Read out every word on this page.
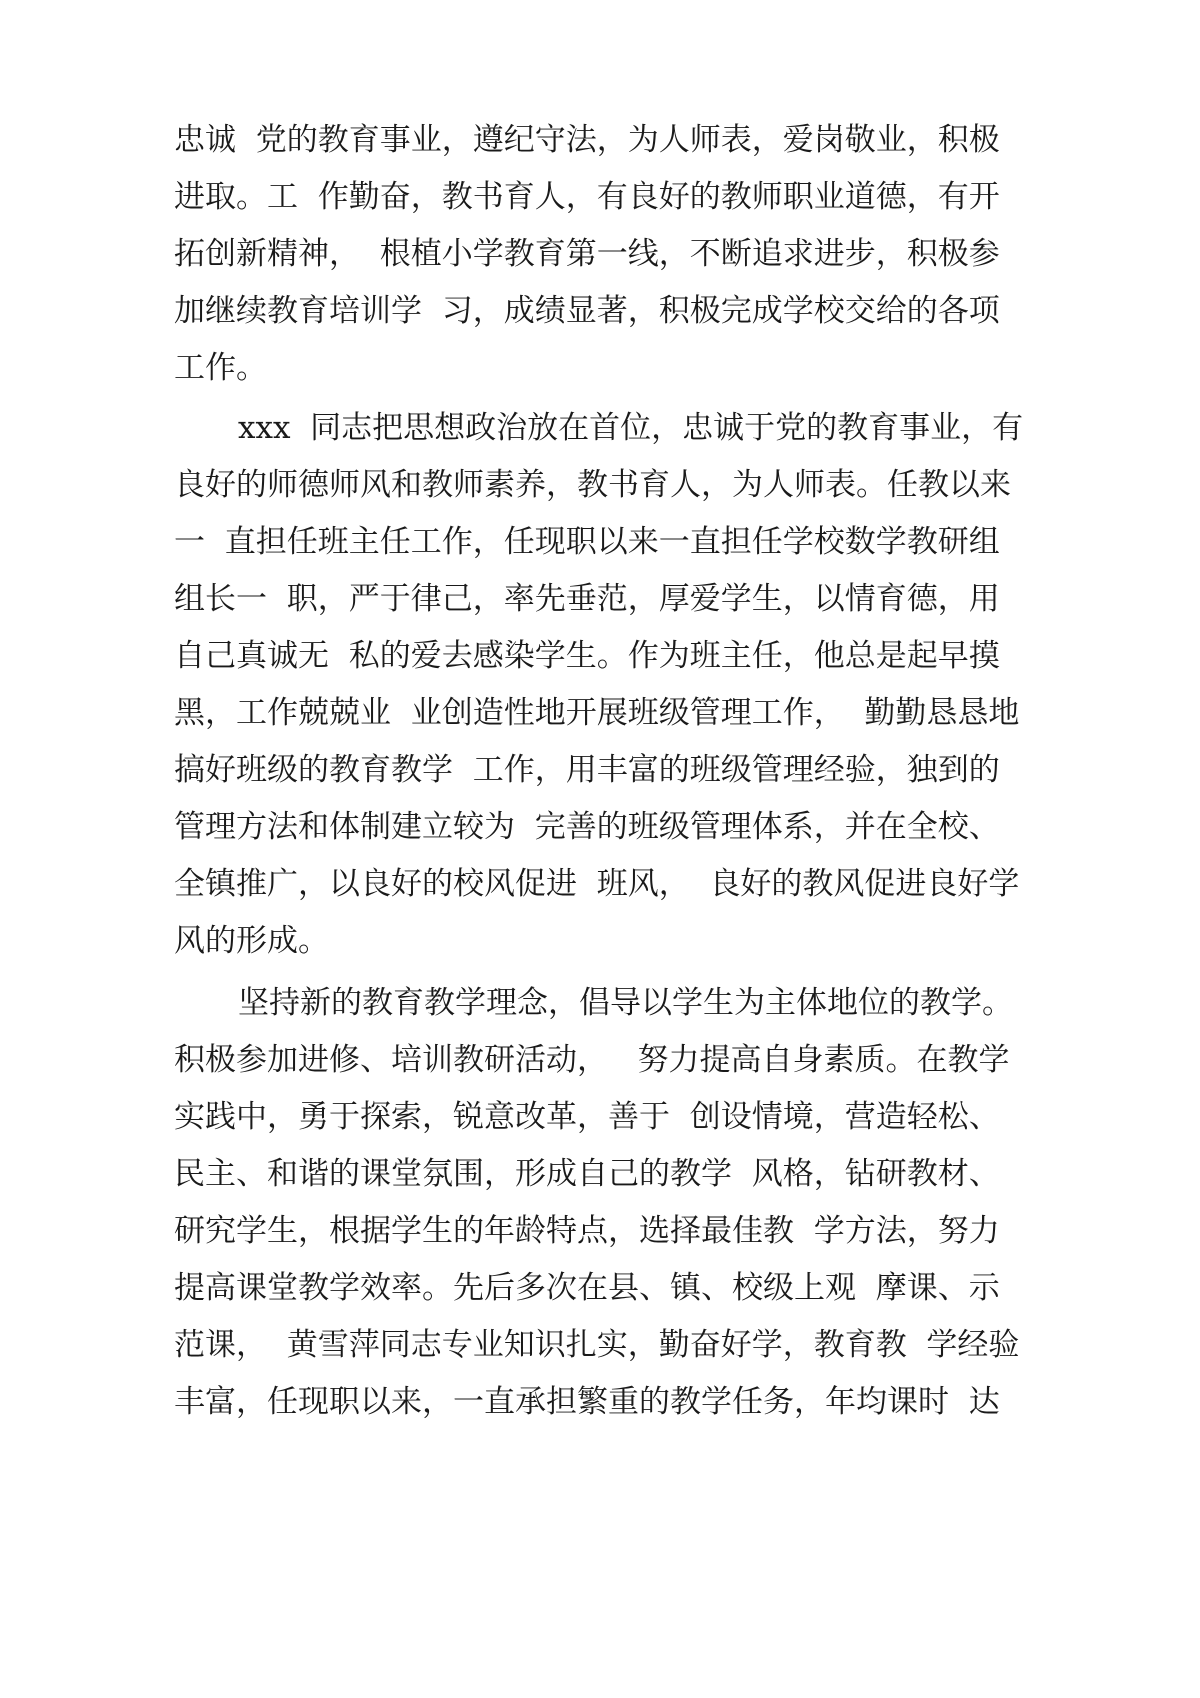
忠诚  党的教育事业，遵纪守法，为人师表，爱岗敬业，积极
进取。工  作勤奋，教书育人，有良好的教师职业道德，有开
拓创新精神，  根植小学教育第一线，不断追求进步，积极参
加继续教育培训学  习，成绩显著，积极完成学校交给的各项
工作。
xxx  同志把思想政治放在首位，忠诚于党的教育事业，有
良好的师德师风和教师素养，教书育人，为人师表。任教以来
一  直担任班主任工作，任现职以来一直担任学校数学教研组
组长一  职，严于律己，率先垂范，厚爱学生，以情育德，用
自己真诚无  私的爱去感染学生。作为班主任，他总是起早摸
黑，工作兢兢业  业创造性地开展班级管理工作，  勤勤恳恳地
搞好班级的教育教学  工作，用丰富的班级管理经验，独到的
管理方法和体制建立较为  完善的班级管理体系，并在全校、
全镇推广，以良好的校风促进  班风，  良好的教风促进良好学
风的形成。
坚持新的教育教学理念，倡导以学生为主体地位的教学。
积极参加进修、培训教研活动，   努力提高自身素质。在教学
实践中，勇于探索，锐意改革，善于  创设情境，营造轻松、
民主、和谐的课堂氛围，形成自己的教学  风格，钻研教材、
研究学生，根据学生的年龄特点，选择最佳教  学方法，努力
提高课堂教学效率。先后多次在县、镇、校级上观  摩课、示
范课，  黄雪萍同志专业知识扎实，勤奋好学，教育教  学经验
丰富，任现职以来，一直承担繁重的教学任务，年均课时  达
